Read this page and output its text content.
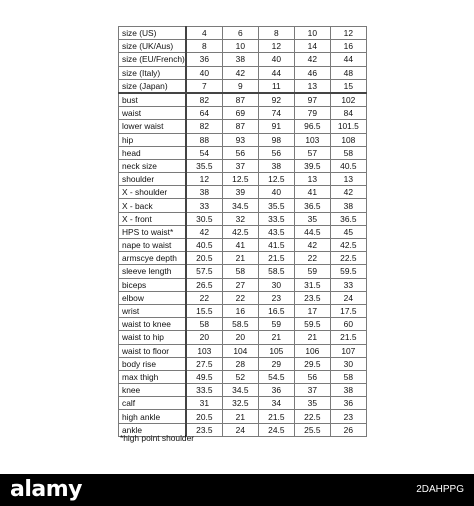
size (US)	4	6	8	10	12
size (UK/Aus)	8	10	12	14	16
size (EU/French)	36	38	40	42	44
size (Italy)	40	42	44	46	48
size (Japan)	7	9	11	13	15
bust	82	87	92	97	102
waist	64	69	74	79	84
lower waist	82	87	91	96.5	101.5
hip	88	93	98	103	108
head	54	56	56	57	58
neck size	35.5	37	38	39.5	40.5
shoulder	12	12.5	12.5	13	13
X - shoulder	38	39	40	41	42
X - back	33	34.5	35.5	36.5	38
X - front	30.5	32	33.5	35	36.5
HPS to waist*	42	42.5	43.5	44.5	45
nape to waist	40.5	41	41.5	42	42.5
armscye depth	20.5	21	21.5	22	22.5
sleeve length	57.5	58	58.5	59	59.5
biceps	26.5	27	30	31.5	33
elbow	22	22	23	23.5	24
wrist	15.5	16	16.5	17	17.5
waist to knee	58	58.5	59	59.5	60
waist to hip	20	20	21	21	21.5
waist to floor	103	104	105	106	107
body rise	27.5	28	29	29.5	30
max thigh	49.5	52	54.5	56	58
knee	33.5	34.5	36	37	38
calf	31	32.5	34	35	36
high ankle	20.5	21	21.5	22.5	23
ankle	23.5	24	24.5	25.5	26
*high point shoulder
alamy	2DAHPPG
